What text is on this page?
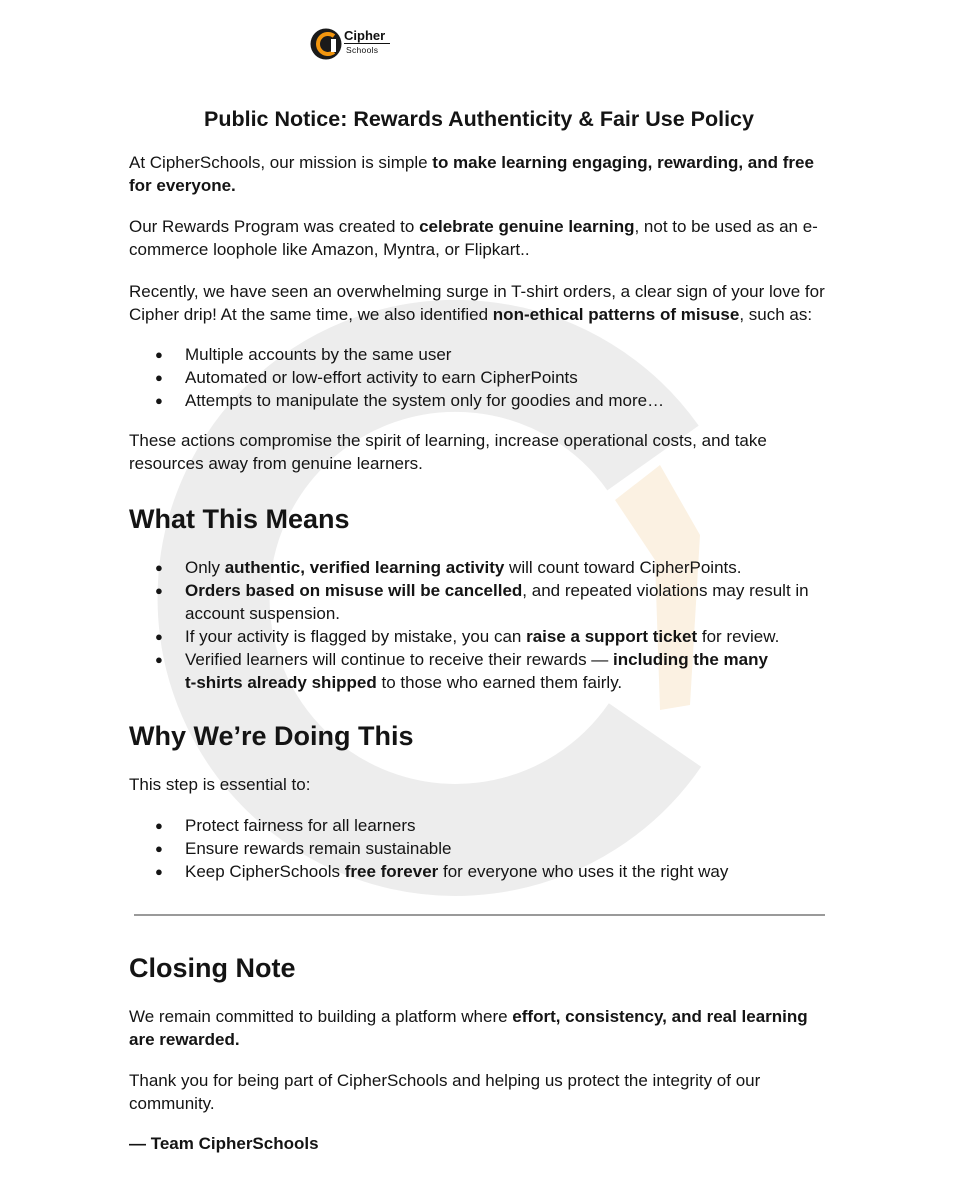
Cipher
Schools
Public Notice: Rewards Authenticity & Fair Use Policy

At CipherSchools, our mission is simple to make learning engaging, rewarding, and free for everyone.

Our Rewards Program was created to celebrate genuine learning, not to be used as an e-commerce loophole like Amazon, Myntra, or Flipkart..

Recently, we have seen an overwhelming surge in T-shirt orders, a clear sign of your love for Cipher drip! At the same time, we also identified non-ethical patterns of misuse, such as:

● Multiple accounts by the same user
● Automated or low-effort activity to earn CipherPoints
● Attempts to manipulate the system only for goodies and more…

These actions compromise the spirit of learning, increase operational costs, and take resources away from genuine learners.

What This Means
● Only authentic, verified learning activity will count toward CipherPoints.
● Orders based on misuse will be cancelled, and repeated violations may result in account suspension.
● If your activity is flagged by mistake, you can raise a support ticket for review.
● Verified learners will continue to receive their rewards — including the many t-shirts already shipped to those who earned them fairly.
Why We’re Doing This

This step is essential to:

● Protect fairness for all learners
● Ensure rewards remain sustainable
● Keep CipherSchools free forever for everyone who uses it the right way
Closing Note

We remain committed to building a platform where effort, consistency, and real learning are rewarded.

Thank you for being part of CipherSchools and helping us protect the integrity of our community.

— Team CipherSchools
